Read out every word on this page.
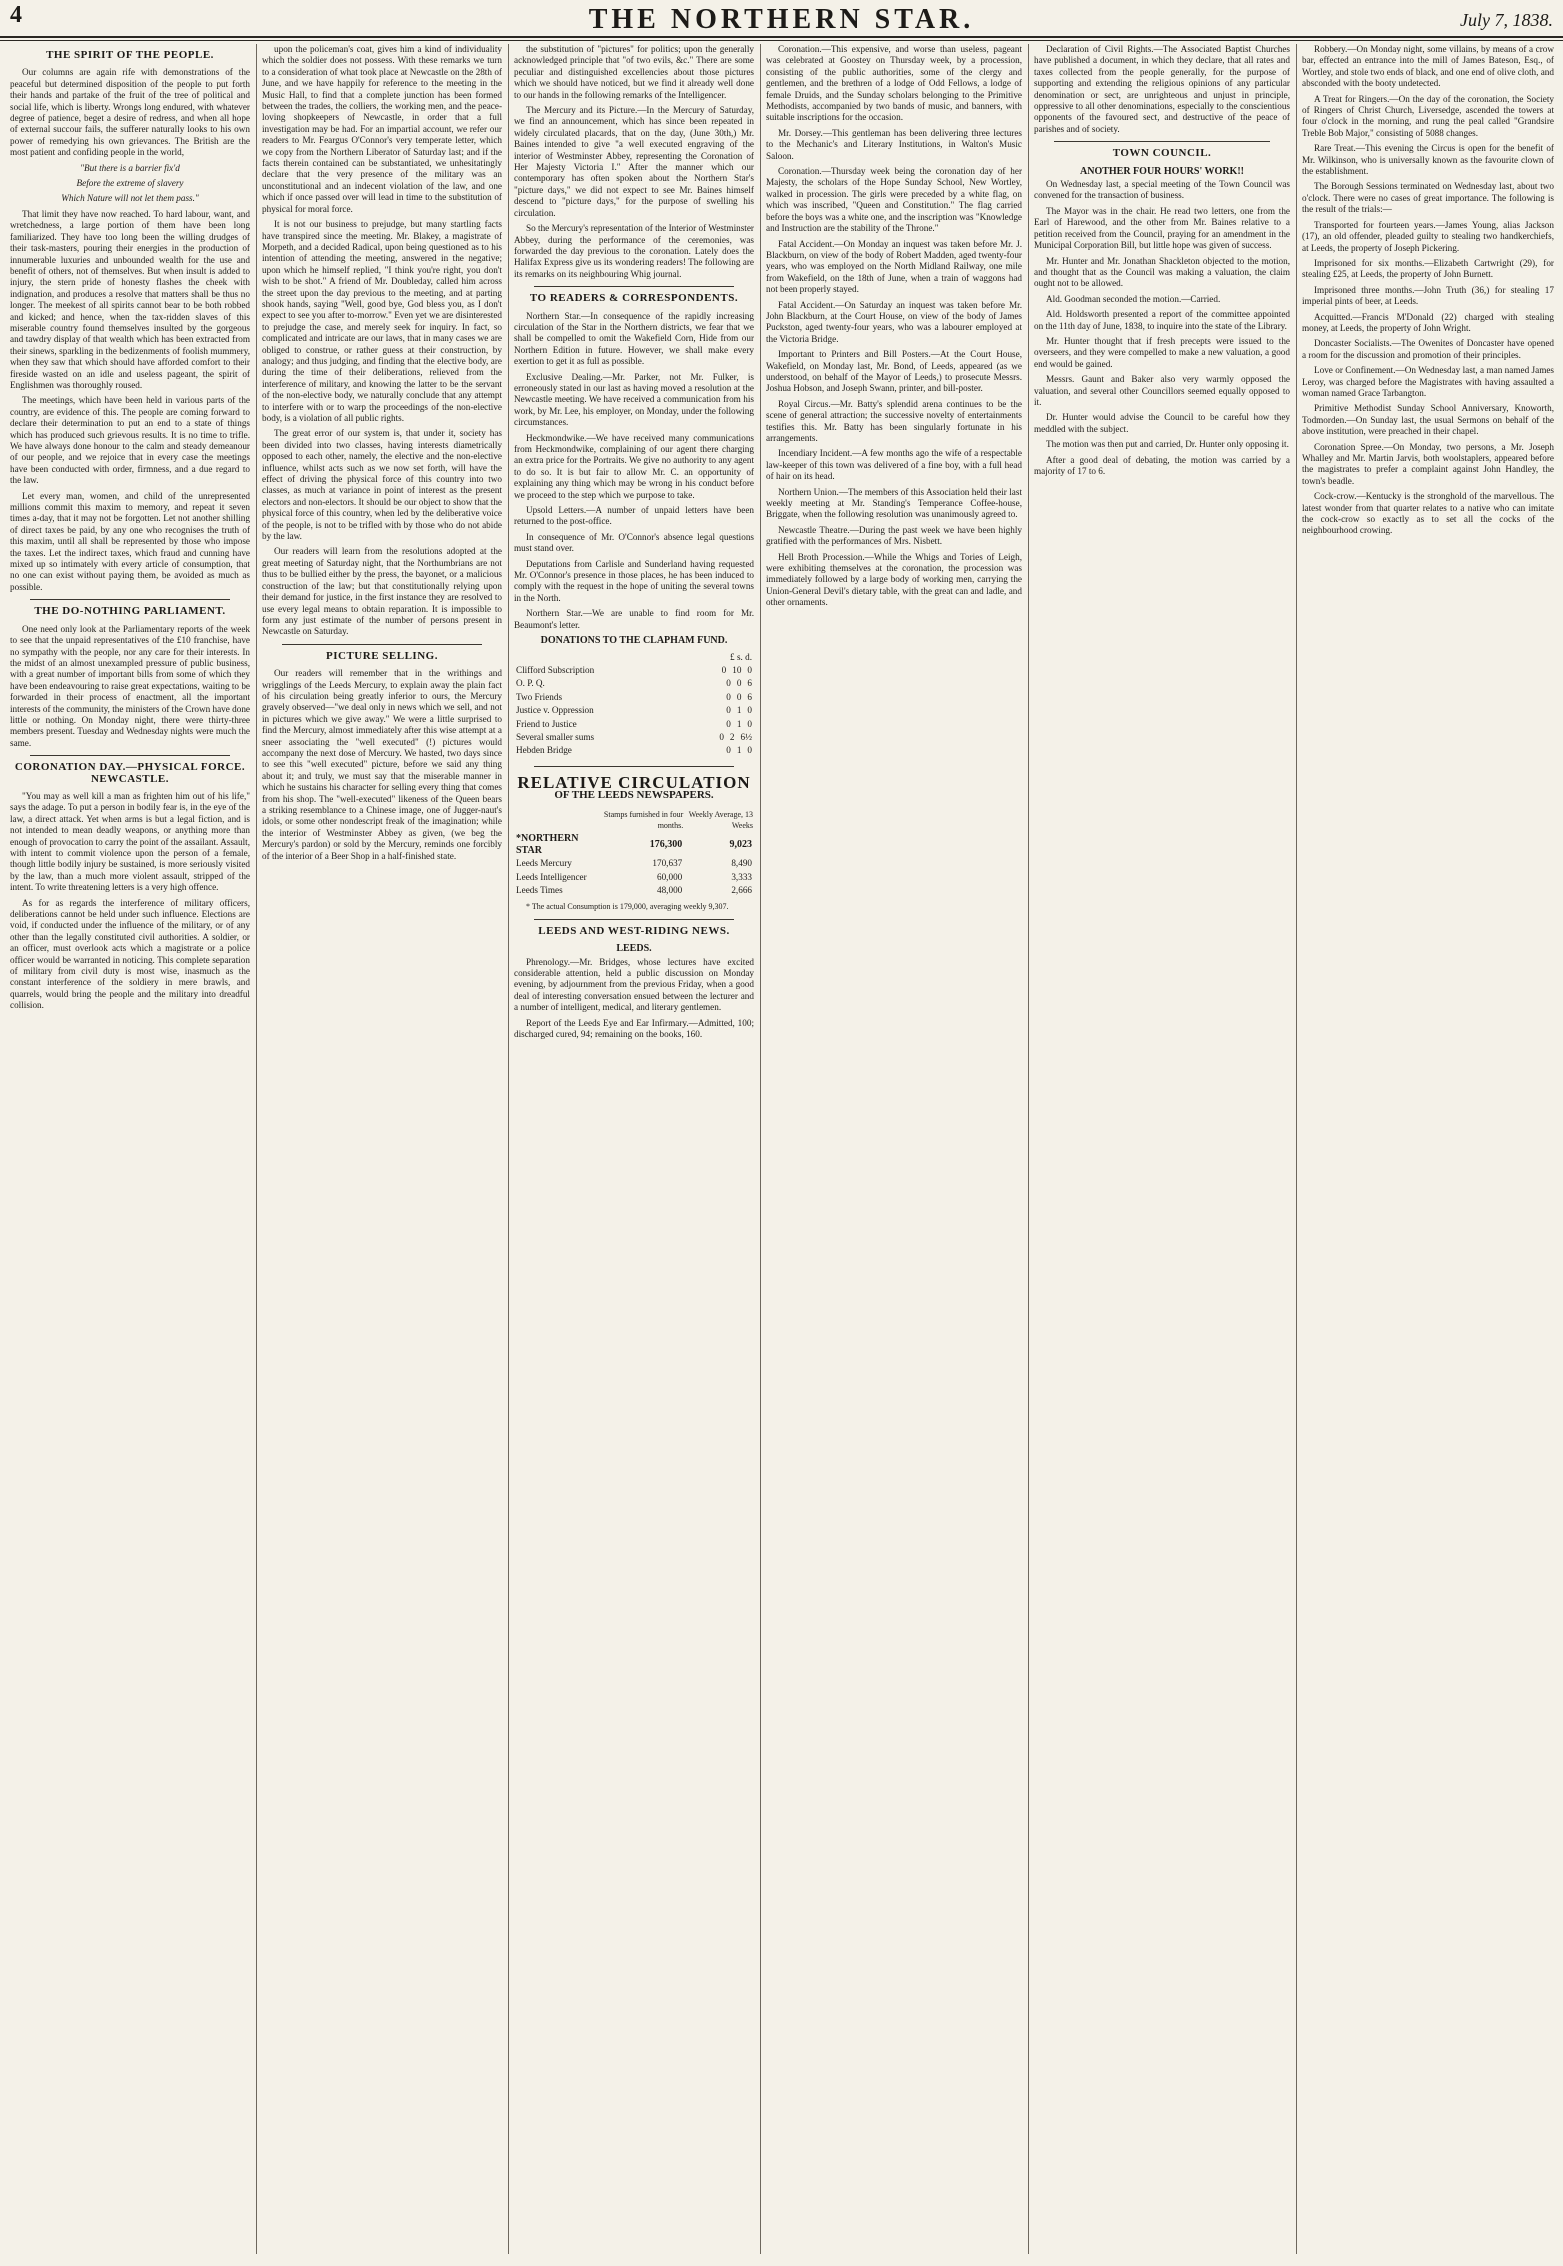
4	THE NORTHERN STAR.	July 7, 1838.
THE SPIRIT OF THE PEOPLE.

Our columns are again rife with demonstrations of the peaceful but determined disposition of the people to put forth their hands and partake of the fruit of the tree of political and social life, which is liberty. Wrongs long endured, with whatever degree of patience, beget a desire of redress, and when all hope of external succour fails, the sufferer naturally looks to his own power of remedying his own grievances. The British are the most patient and confiding people in the world,

"But there is a barrier fix'd

Before the extreme of slavery

Which Nature will not let them pass."

That limit they have now reached. To hard labour, want, and wretchedness, a large portion of them have been long familiarized. They have too long been the willing drudges of their task-masters, pouring their energies in the production of innumerable luxuries and unbounded wealth for the use and benefit of others, not of themselves. But when insult is added to injury, the stern pride of honesty flashes the cheek with indignation, and produces a resolve that matters shall be thus no longer. The meekest of all spirits cannot bear to be both robbed and kicked; and hence, when the tax-ridden slaves of this miserable country found themselves insulted by the gorgeous and tawdry display of that wealth which has been extracted from their sinews, sparkling in the bedizenments of foolish mummery, when they saw that which should have afforded comfort to their fireside wasted on an idle and useless pageant, the spirit of Englishmen was thoroughly roused.

The meetings, which have been held in various parts of the country, are evidence of this. The people are coming forward to declare their determination to put an end to a state of things which has produced such grievous results. It is no time to trifle. We have always done honour to the calm and steady demeanour of our people, and we rejoice that in every case the meetings have been conducted with order, firmness, and a due regard to the law.

Let every man, women, and child of the unrepresented millions commit this maxim to memory, and repeat it seven times a-day, that it may not be forgotten. Let not another shilling of direct taxes be paid, by any one who recognises the truth of this maxim, until all shall be represented by those who impose the taxes. Let the indirect taxes, which fraud and cunning have mixed up so intimately with every article of consumption, that no one can exist without paying them, be avoided as much as possible.

THE DO-NOTHING PARLIAMENT.

One need only look at the Parliamentary reports of the week to see that the unpaid representatives of the £10 franchise, have no sympathy with the people, nor any care for their interests. In the midst of an almost unexampled pressure of public business, with a great number of important bills from some of which they have been endeavouring to raise great expectations, waiting to be forwarded in their process of enactment, all the important interests of the community, the ministers of the Crown have done little or nothing. On Monday night, there were thirty-three members present. Tuesday and Wednesday nights were much the same.

CORONATION DAY.—PHYSICAL FORCE. NEWCASTLE.

"You may as well kill a man as frighten him out of his life," says the adage. To put a person in bodily fear is, in the eye of the law, a direct attack. Yet when arms is but a legal fiction, and is not intended to mean deadly weapons, or anything more than enough of provocation to carry the point of the assailant. Assault, with intent to commit violence upon the person of a female, though little bodily injury be sustained, is more seriously visited by the law, than a much more violent assault, stripped of the intent. To write threatening letters is a very high offence.

As for as regards the interference of military officers, deliberations cannot be held under such influence. Elections are void, if conducted under the influence of the military, or of any other than the legally constituted civil authorities. A soldier, or an officer, must overlook acts which a magistrate or a police officer would be warranted in noticing. This complete separation of military from civil duty is most wise, inasmuch as the constant interference of the soldiery in mere brawls, and quarrels, would bring the people and the military into dreadful collision.

upon the policeman's coat, gives him a kind of individuality which the soldier does not possess. With these remarks we turn to a consideration of what took place at Newcastle on the 28th of June, and we have happily for reference to the meeting in the Music Hall, to find that a complete junction has been formed between the trades, the colliers, the working men, and the peace-loving shopkeepers of Newcastle, in order that a full investigation may be had. For an impartial account, we refer our readers to Mr. Feargus O'Connor's very temperate letter, which we copy from the Northern Liberator of Saturday last; and if the facts therein contained can be substantiated, we unhesitatingly declare that the very presence of the military was an unconstitutional and an indecent violation of the law, and one which if once passed over will lead in time to the substitution of physical for moral force.

It is not our business to prejudge, but many startling facts have transpired since the meeting. Mr. Blakey, a magistrate of Morpeth, and a decided Radical, upon being questioned as to his intention of attending the meeting, answered in the negative; upon which he himself replied, "I think you're right, you don't wish to be shot." A friend of Mr. Doubleday, called him across the street upon the day previous to the meeting, and at parting shook hands, saying "Well, good bye, God bless you, as I don't expect to see you after to-morrow." Even yet we are disinterested to prejudge the case, and merely seek for inquiry. In fact, so complicated and intricate are our laws, that in many cases we are obliged to construe, or rather guess at their construction, by analogy; and thus judging, and finding that the elective body, are during the time of their deliberations, relieved from the interference of military, and knowing the latter to be the servant of the non-elective body, we naturally conclude that any attempt to interfere with or to warp the proceedings of the non-elective body, is a violation of all public rights.

The great error of our system is, that under it, society has been divided into two classes, having interests diametrically opposed to each other, namely, the elective and the non-elective influence, whilst acts such as we now set forth, will have the effect of driving the physical force of this country into two classes, as much at variance in point of interest as the present electors and non-electors. It should be our object to show that the physical force of this country, when led by the deliberative voice of the people, is not to be trifled with by those who do not abide by the law.

Our readers will learn from the resolutions adopted at the great meeting of Saturday night, that the Northumbrians are not thus to be bullied either by the press, the bayonet, or a malicious construction of the law; but that constitutionally relying upon their demand for justice, in the first instance they are resolved to use every legal means to obtain reparation. It is impossible to form any just estimate of the number of persons present in Newcastle on Saturday.

PICTURE SELLING.

Our readers will remember that in the writhings and wrigglings of the Leeds Mercury, to explain away the plain fact of his circulation being greatly inferior to ours, the Mercury gravely observed—"we deal only in news which we sell, and not in pictures which we give away." We were a little surprised to find the Mercury, almost immediately after this wise attempt at a sneer associating the "well executed" (!) pictures would accompany the next dose of Mercury. We hasted, two days since to see this "well executed" picture, before we said any thing about it; and truly, we must say that the miserable manner in which he sustains his character for selling every thing that comes from his shop. The "well-executed" likeness of the Queen bears a striking resemblance to a Chinese image, one of Jugger-naut's idols, or some other nondescript freak of the imagination; while the interior of Westminster Abbey as given, (we beg the Mercury's pardon) or sold by the Mercury, reminds one forcibly of the interior of a Beer Shop in a half-finished state.

the substitution of "pictures" for politics; upon the generally acknowledged principle that "of two evils, &c." There are some peculiar and distinguished excellencies about those pictures which we should have noticed, but we find it already well done to our hands in the following remarks of the Intelligencer.

The Mercury and its Picture.—In the Mercury of Saturday, we find an announcement, which has since been repeated in widely circulated placards, that on the day, (June 30th,) Mr. Baines intended to give "a well executed engraving of the interior of Westminster Abbey, representing the Coronation of Her Majesty Victoria I." After the manner which our contemporary has often spoken about the Northern Star's "picture days," we did not expect to see Mr. Baines himself descend to "picture days," for the purpose of swelling his circulation.

So the Mercury's representation of the Interior of Westminster Abbey, during the performance of the ceremonies, was forwarded the day previous to the coronation. Lately does the Halifax Express give us its wondering readers! The following are its remarks on its neighbouring Whig journal.

TO READERS & CORRESPONDENTS.

Northern Star.—In consequence of the rapidly increasing circulation of the Star in the Northern districts, we fear that we shall be compelled to omit the Wakefield Corn, Hide from our Northern Edition in future. However, we shall make every exertion to get it as full as possible.

Exclusive Dealing.—Mr. Parker, not Mr. Fulker, is erroneously stated in our last as having moved a resolution at the Newcastle meeting. We have received a communication from his work, by Mr. Lee, his employer, on Monday, under the following circumstances.

Heckmondwike.—We have received many communications from Heckmondwike, complaining of our agent there charging an extra price for the Portraits. We give no authority to any agent to do so. It is but fair to allow Mr. C. an opportunity of explaining any thing which may be wrong in his conduct before we proceed to the step which we purpose to take.

Upsold Letters.—A number of unpaid letters have been returned to the post-office.

In consequence of Mr. O'Connor's absence legal questions must stand over.

Deputations from Carlisle and Sunderland having requested Mr. O'Connor's presence in those places, he has been induced to comply with the request in the hope of uniting the several towns in the North.

Northern Star.—We are unable to find room for Mr. Beaumont's letter.

DONATIONS TO THE CLAPHAM FUND.
	£ s. d.
Clifford Subscription	0 10 0
O. P. Q.	0 0 6
Two Friends	0 0 6
Justice v. Oppression	0 1 0
Friend to Justice	0 1 0
Several smaller sums	0 2 6½
Hebden Bridge	0 1 0
RELATIVE CIRCULATION
OF THE LEEDS NEWSPAPERS.
	Stamps furnished in four months.	Weekly Average, 13 Weeks
*NORTHERN STAR	176,300	9,023
Leeds Mercury	170,637	8,490
Leeds Intelligencer	60,000	3,333
Leeds Times	48,000	2,666

* The actual Consumption is 179,000, averaging weekly 9,307.

LEEDS AND WEST-RIDING NEWS.
LEEDS.

Phrenology.—Mr. Bridges, whose lectures have excited considerable attention, held a public discussion on Monday evening, by adjournment from the previous Friday, when a good deal of interesting conversation ensued between the lecturer and a number of intelligent, medical, and literary gentlemen.

Report of the Leeds Eye and Ear Infirmary.—Admitted, 100; discharged cured, 94; remaining on the books, 160.

Coronation.—This expensive, and worse than useless, pageant was celebrated at Goostey on Thursday week, by a procession, consisting of the public authorities, some of the clergy and gentlemen, and the brethren of a lodge of Odd Fellows, a lodge of female Druids, and the Sunday scholars belonging to the Primitive Methodists, accompanied by two bands of music, and banners, with suitable inscriptions for the occasion.

Mr. Dorsey.—This gentleman has been delivering three lectures to the Mechanic's and Literary Institutions, in Walton's Music Saloon.

Coronation.—Thursday week being the coronation day of her Majesty, the scholars of the Hope Sunday School, New Wortley, walked in procession. The girls were preceded by a white flag, on which was inscribed, "Queen and Constitution." The flag carried before the boys was a white one, and the inscription was "Knowledge and Instruction are the stability of the Throne."

Fatal Accident.—On Monday an inquest was taken before Mr. J. Blackburn, on view of the body of Robert Madden, aged twenty-four years, who was employed on the North Midland Railway, one mile from Wakefield, on the 18th of June, when a train of waggons had not been properly stayed.

Fatal Accident.—On Saturday an inquest was taken before Mr. John Blackburn, at the Court House, on view of the body of James Puckston, aged twenty-four years, who was a labourer employed at the Victoria Bridge.

Important to Printers and Bill Posters.—At the Court House, Wakefield, on Monday last, Mr. Bond, of Leeds, appeared (as we understood, on behalf of the Mayor of Leeds,) to prosecute Messrs. Joshua Hobson, and Joseph Swann, printer, and bill-poster.

Royal Circus.—Mr. Batty's splendid arena continues to be the scene of general attraction; the successive novelty of entertainments testifies this. Mr. Batty has been singularly fortunate in his arrangements.

Incendiary Incident.—A few months ago the wife of a respectable law-keeper of this town was delivered of a fine boy, with a full head of hair on its head.

Northern Union.—The members of this Association held their last weekly meeting at Mr. Standing's Temperance Coffee-house, Briggate, when the following resolution was unanimously agreed to.

Newcastle Theatre.—During the past week we have been highly gratified with the performances of Mrs. Nisbett.

Hell Broth Procession.—While the Whigs and Tories of Leigh, were exhibiting themselves at the coronation, the procession was immediately followed by a large body of working men, carrying the Union-General Devil's dietary table, with the great can and ladle, and other ornaments.

Declaration of Civil Rights.—The Associated Baptist Churches have published a document, in which they declare, that all rates and taxes collected from the people generally, for the purpose of supporting and extending the religious opinions of any particular denomination or sect, are unrighteous and unjust in principle, oppressive to all other denominations, especially to the conscientious opponents of the favoured sect, and destructive of the peace of parishes and of society.

TOWN COUNCIL.
ANOTHER FOUR HOURS' WORK!!

On Wednesday last, a special meeting of the Town Council was convened for the transaction of business.

The Mayor was in the chair. He read two letters, one from the Earl of Harewood, and the other from Mr. Baines relative to a petition received from the Council, praying for an amendment in the Municipal Corporation Bill, but little hope was given of success.

Mr. Hunter and Mr. Jonathan Shackleton objected to the motion, and thought that as the Council was making a valuation, the claim ought not to be allowed.

Ald. Goodman seconded the motion.—Carried.

Ald. Holdsworth presented a report of the committee appointed on the 11th day of June, 1838, to inquire into the state of the Library.

Mr. Hunter thought that if fresh precepts were issued to the overseers, and they were compelled to make a new valuation, a good end would be gained.

Messrs. Gaunt and Baker also very warmly opposed the valuation, and several other Councillors seemed equally opposed to it.

Dr. Hunter would advise the Council to be careful how they meddled with the subject.

The motion was then put and carried, Dr. Hunter only opposing it.

After a good deal of debating, the motion was carried by a majority of 17 to 6.

Robbery.—On Monday night, some villains, by means of a crow bar, effected an entrance into the mill of James Bateson, Esq., of Wortley, and stole two ends of black, and one end of olive cloth, and absconded with the booty undetected.

A Treat for Ringers.—On the day of the coronation, the Society of Ringers of Christ Church, Liversedge, ascended the towers at four o'clock in the morning, and rung the peal called "Grandsire Treble Bob Major," consisting of 5088 changes.

Rare Treat.—This evening the Circus is open for the benefit of Mr. Wilkinson, who is universally known as the favourite clown of the establishment.

The Borough Sessions terminated on Wednesday last, about two o'clock. There were no cases of great importance. The following is the result of the trials:—

Transported for fourteen years.—James Young, alias Jackson (17), an old offender, pleaded guilty to stealing two handkerchiefs, at Leeds, the property of Joseph Pickering.

Imprisoned for six months.—Elizabeth Cartwright (29), for stealing £25, at Leeds, the property of John Burnett.

Imprisoned three months.—John Truth (36,) for stealing 17 imperial pints of beer, at Leeds.

Acquitted.—Francis M'Donald (22) charged with stealing money, at Leeds, the property of John Wright.

Doncaster Socialists.—The Owenites of Doncaster have opened a room for the discussion and promotion of their principles.

Love or Confinement.—On Wednesday last, a man named James Leroy, was charged before the Magistrates with having assaulted a woman named Grace Tarbangton.

Primitive Methodist Sunday School Anniversary, Knoworth, Todmorden.—On Sunday last, the usual Sermons on behalf of the above institution, were preached in their chapel.

Coronation Spree.—On Monday, two persons, a Mr. Joseph Whalley and Mr. Martin Jarvis, both woolstaplers, appeared before the magistrates to prefer a complaint against John Handley, the town's beadle.

Cock-crow.—Kentucky is the stronghold of the marvellous. The latest wonder from that quarter relates to a native who can imitate the cock-crow so exactly as to set all the cocks of the neighbourhood crowing.
